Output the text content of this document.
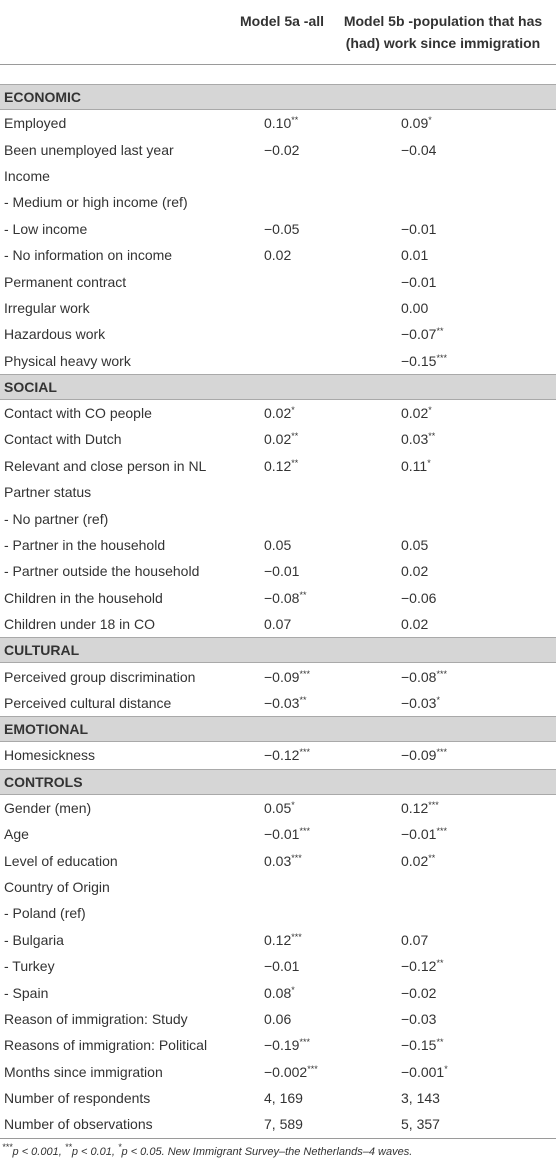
	Model 5a -all	Model 5b -population that has (had) work since immigration

ECONOMIC		
Employed	0.10**	0.09*
Been unemployed last year	−0.02	−0.04
Income		
- Medium or high income (ref)		
- Low income	−0.05	−0.01
- No information on income	0.02	0.01
Permanent contract		−0.01
Irregular work		0.00
Hazardous work		−0.07**
Physical heavy work		−0.15***
SOCIAL		
Contact with CO people	0.02*	0.02*
Contact with Dutch	0.02**	0.03**
Relevant and close person in NL	0.12**	0.11*
Partner status		
- No partner (ref)		
- Partner in the household	0.05	0.05
- Partner outside the household	−0.01	0.02
Children in the household	−0.08**	−0.06
Children under 18 in CO	0.07	0.02
CULTURAL		
Perceived group discrimination	−0.09***	−0.08***
Perceived cultural distance	−0.03**	−0.03*
EMOTIONAL		
Homesickness	−0.12***	−0.09***
CONTROLS		
Gender (men)	0.05*	0.12***
Age	−0.01***	−0.01***
Level of education	0.03***	0.02**
Country of Origin		
- Poland (ref)		
- Bulgaria	0.12***	0.07
- Turkey	−0.01	−0.12**
- Spain	0.08*	−0.02
Reason of immigration: Study	0.06	−0.03
Reasons of immigration: Political	−0.19***	−0.15**
Months since immigration	−0.002***	−0.001*
Number of respondents	4, 169	3, 143
Number of observations	7, 589	5, 357
***p < 0.001, **p < 0.01, *p < 0.05. New Immigrant Survey–the Netherlands–4 waves.
